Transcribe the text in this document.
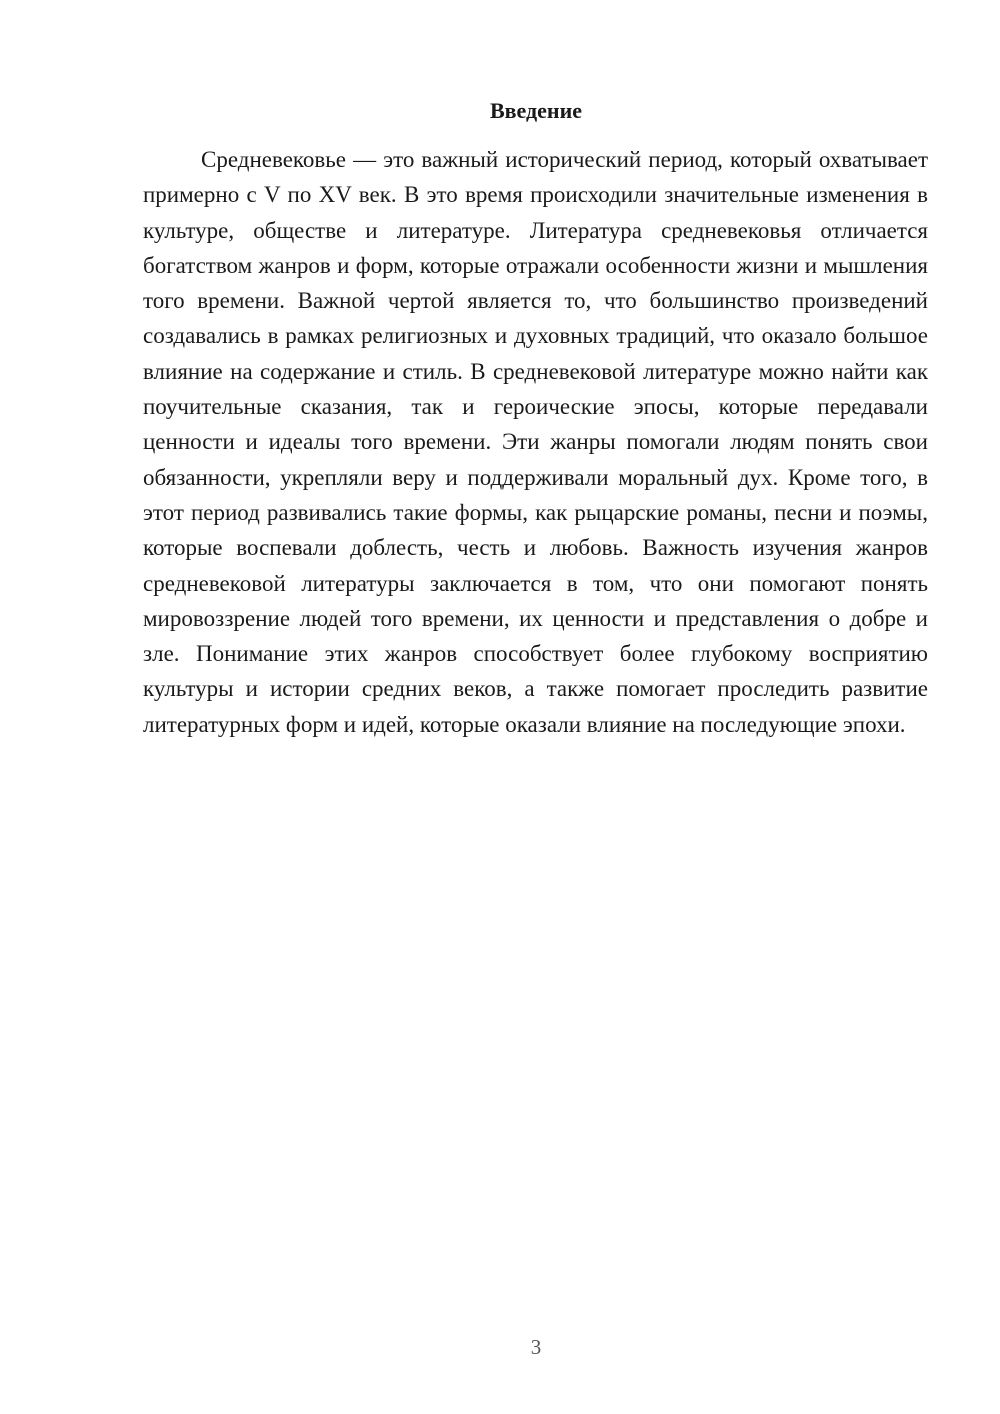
Введение

Средневековье — это важный исторический период, который охватывает примерно с V по XV век. В это время происходили значительные изменения в культуре, обществе и литературе. Литература средневековья отличается богатством жанров и форм, которые отражали особенности жизни и мышления того времени. Важной чертой является то, что большинство произведений создавались в рамках религиозных и духовных традиций, что оказало большое влияние на содержание и стиль. В средневековой литературе можно найти как поучительные сказания, так и героические эпосы, которые передавали ценности и идеалы того времени. Эти жанры помогали людям понять свои обязанности, укрепляли веру и поддерживали моральный дух. Кроме того, в этот период развивались такие формы, как рыцарские романы, песни и поэмы, которые воспевали доблесть, честь и любовь. Важность изучения жанров средневековой литературы заключается в том, что они помогают понять мировоззрение людей того времени, их ценности и представления о добре и зле. Понимание этих жанров способствует более глубокому восприятию культуры и истории средних веков, а также помогает проследить развитие литературных форм и идей, которые оказали влияние на последующие эпохи.

3
